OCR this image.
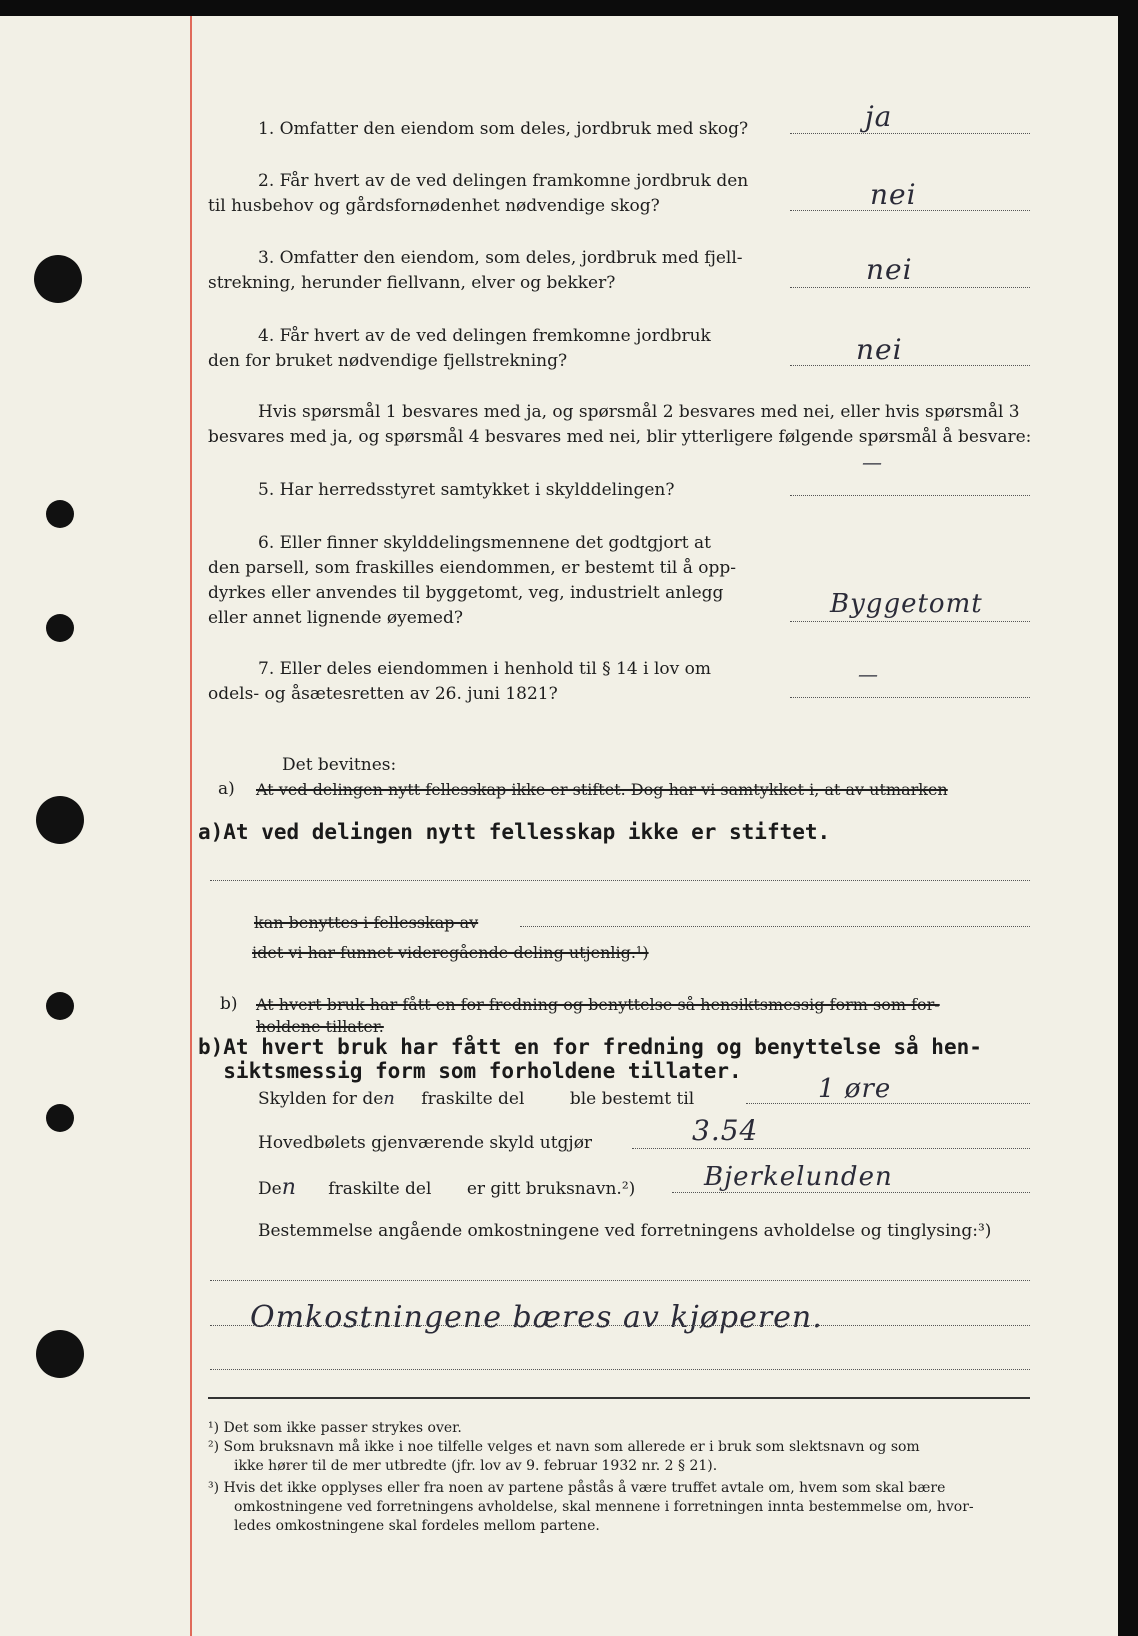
1. Omfatter den eiendom som deles, jordbruk med skog?	ja
2. Får hvert av de ved delingen framkomne jordbruk den
til husbehov og gårdsfornødenhet nødvendige skog?	nei
3. Omfatter den eiendom, som deles, jordbruk med fjell-
strekning, herunder fiellvann, elver og bekker?	nei
4. Får hvert av de ved delingen fremkomne jordbruk
den for bruket nødvendige fjellstrekning?	nei
Hvis spørsmål 1 besvares med ja, og spørsmål 2 besvares med nei, eller hvis spørsmål 3
besvares med ja, og spørsmål 4 besvares med nei, blir ytterligere følgende spørsmål å besvare:
5. Har herredsstyret samtykket i skylddelingen?
—
6. Eller finner skylddelingsmennene det godtgjort at
den parsell, som fraskilles eiendommen, er bestemt til å opp-
dyrkes eller anvendes til byggetomt, veg, industrielt anlegg
eller annet lignende øyemed?	Byggetomt
7. Eller deles eiendommen i henhold til § 14 i lov om
odels- og åsætesretten av 26. juni 1821?
—
Det bevitnes:
a) At ved delingen nytt fellesskap ikke er stiftet. Dog har vi samtykket i, at av utmarken
a)At ved delingen nytt fellesskap ikke er stiftet.
kan benyttes i fellesskap av
idet vi har funnet videregående deling utjenlig.¹)
b) At hvert bruk har fått en for fredning og benyttelse så hensiktsmessig form som for-
holdene tillater.
b)At hvert bruk har fått en for fredning og benyttelse så hen-
siktsmessig form som forholdene tillater.
Skylden for den fraskilte del	ble bestemt til	1 øre
Hovedbølets gjenværende skyld utgjør	3.54
Den fraskilte del er gitt bruksnavn.²)	Bjerkelunden
Bestemmelse angående omkostningene ved forretningens avholdelse og tinglysing:³)
Omkostningene bæres av kjøperen.
¹) Det som ikke passer strykes over.
²) Som bruksnavn må ikke i noe tilfelle velges et navn som allerede er i bruk som slektsnavn og som
ikke hører til de mer utbredte (jfr. lov av 9. februar 1932 nr. 2 § 21).
³) Hvis det ikke opplyses eller fra noen av partene påstås å være truffet avtale om, hvem som skal bære
omkostningene ved forretningens avholdelse, skal mennene i forretningen innta bestemmelse om, hvor-
ledes omkostningene skal fordeles mellom partene.
